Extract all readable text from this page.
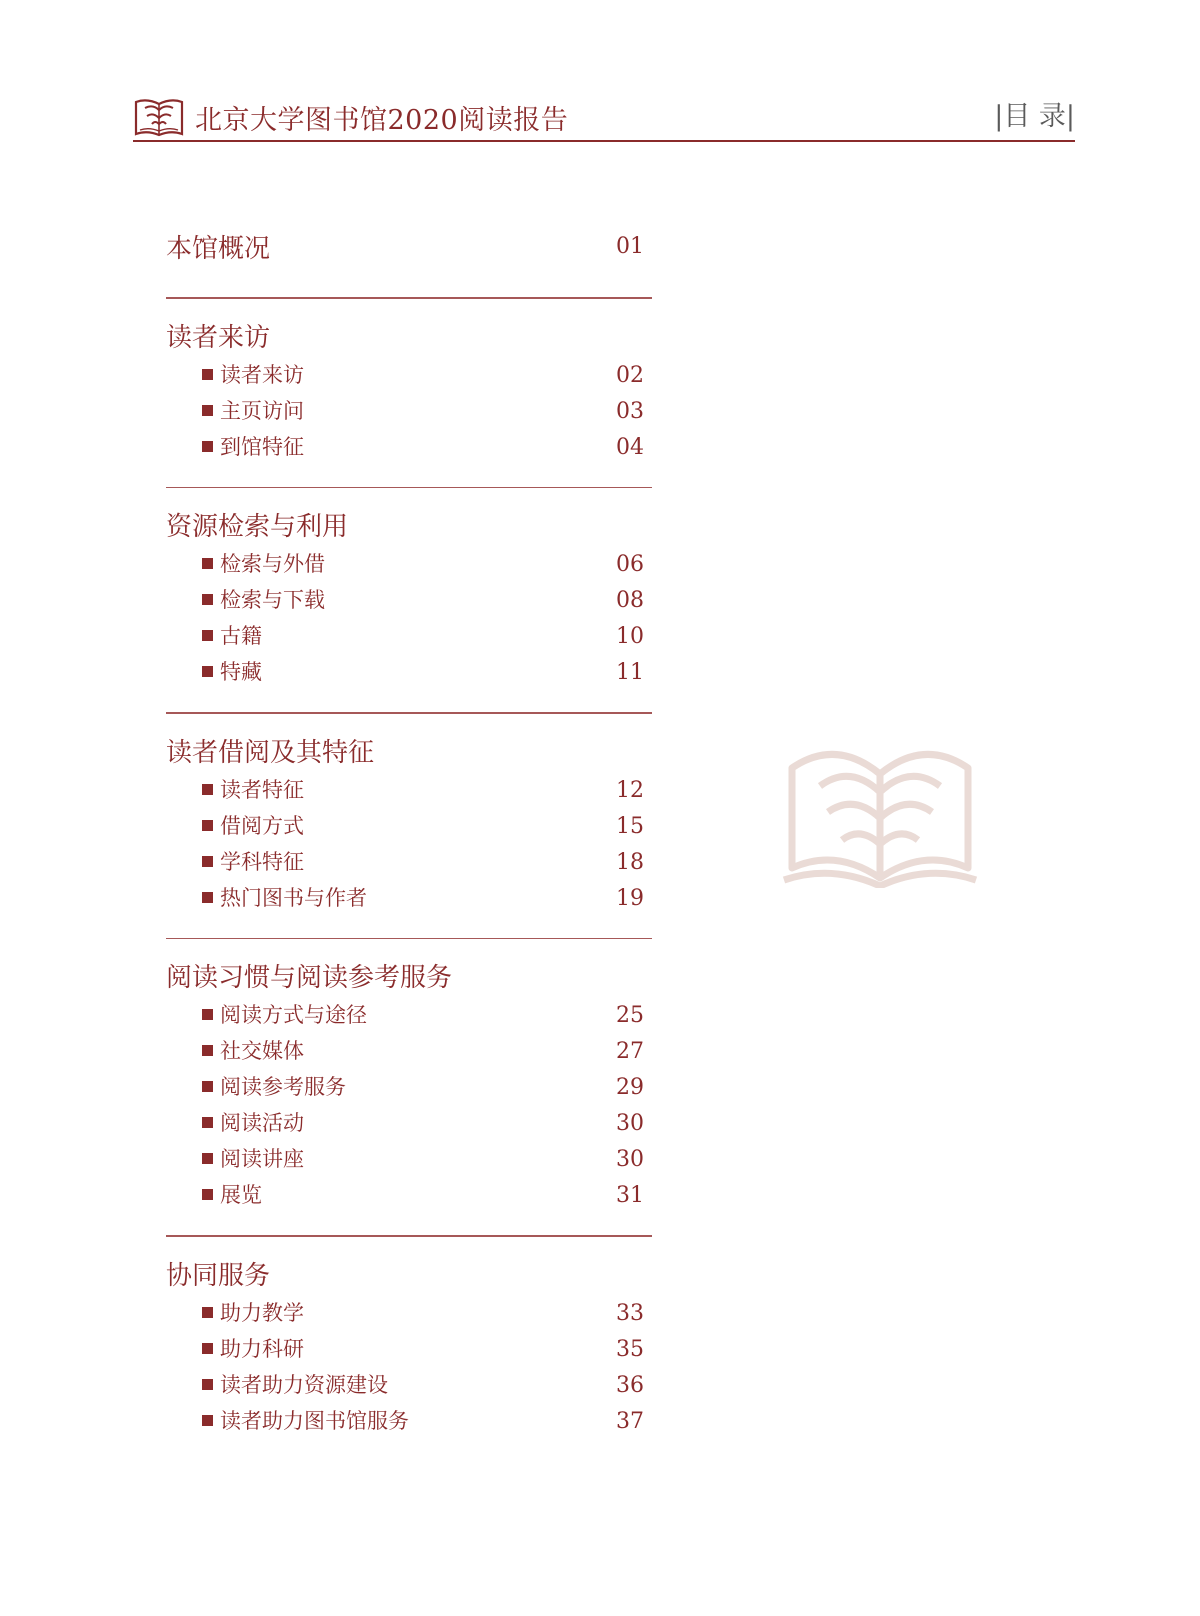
北京大学图书馆2020阅读报告	|目 录|
本馆概况	01
读者来访
读者来访	02
主页访问	03
到馆特征	04
资源检索与利用
检索与外借	06
检索与下载	08
古籍	10
特藏	11
读者借阅及其特征
读者特征	12
借阅方式	15
学科特征	18
热门图书与作者	19
阅读习惯与阅读参考服务
阅读方式与途径	25
社交媒体	27
阅读参考服务	29
阅读活动	30
阅读讲座	30
展览	31
协同服务
助力教学	33
助力科研	35
读者助力资源建设	36
读者助力图书馆服务	37
